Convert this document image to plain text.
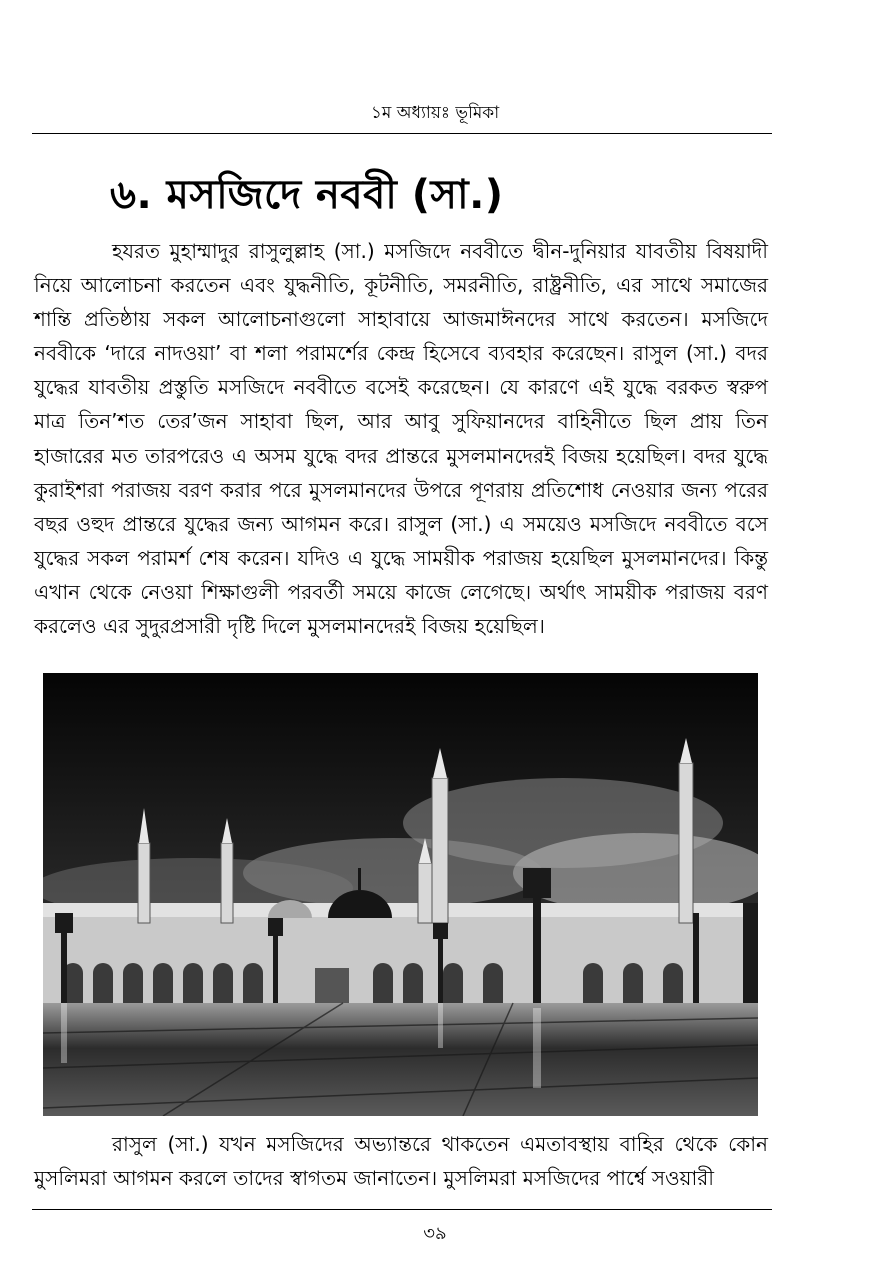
১ম অধ্যায়ঃ ভূমিকা
৬. মসজিদে নববী (সা.)

হযরত মুহাম্মাদুর রাসুলুল্লাহ (সা.) মসজিদে নববীতে দ্বীন-দুনিয়ার যাবতীয় বিষয়াদী নিয়ে আলোচনা করতেন এবং যুদ্ধনীতি, কূটনীতি, সমরনীতি, রাষ্ট্রনীতি, এর সাথে সমাজের শান্তি প্রতিষ্ঠায় সকল আলোচনাগুলো সাহাবায়ে আজমাঈনদের সাথে করতেন। মসজিদে নববীকে ‘দারে নাদওয়া’ বা শলা পরামর্শের কেন্দ্র হিসেবে ব্যবহার করেছেন। রাসুল (সা.) বদর যুদ্ধের যাবতীয় প্রস্তুতি মসজিদে নববীতে বসেই করেছেন। যে কারণে এই যুদ্ধে বরকত স্বরুপ মাত্র তিন’শত তের’জন সাহাবা ছিল, আর আবু সুফিয়ানদের বাহিনীতে ছিল প্রায় তিন হাজারের মত তারপরেও এ অসম যুদ্ধে বদর প্রান্তরে মুসলমানদেরই বিজয় হয়েছিল। বদর যুদ্ধে কুরাইশরা পরাজয় বরণ করার পরে মুসলমানদের উপরে পূণরায় প্রতিশোধ নেওয়ার জন্য পরের বছর ওহুদ প্রান্তরে যুদ্ধের জন্য আগমন করে। রাসুল (সা.) এ সময়েও মসজিদে নববীতে বসে যুদ্ধের সকল পরামর্শ শেষ করেন। যদিও এ যুদ্ধে সাময়ীক পরাজয় হয়েছিল মুসলমানদের। কিন্তু এখান থেকে নেওয়া শিক্ষাগুলী পরবর্তী সময়ে কাজে লেগেছে। অর্থাৎ সাময়ীক পরাজয় বরণ করলেও এর সুদুরপ্রসারী দৃষ্টি দিলে মুসলমানদেরই বিজয় হয়েছিল।

রাসুল (সা.) যখন মসজিদের অভ্যান্তরে থাকতেন এমতাবস্থায় বাহির থেকে কোন মুসলিমরা আগমন করলে তাদের স্বাগতম জানাতেন। মুসলিমরা মসজিদের পার্শ্বে সওয়ারী

৩৯
